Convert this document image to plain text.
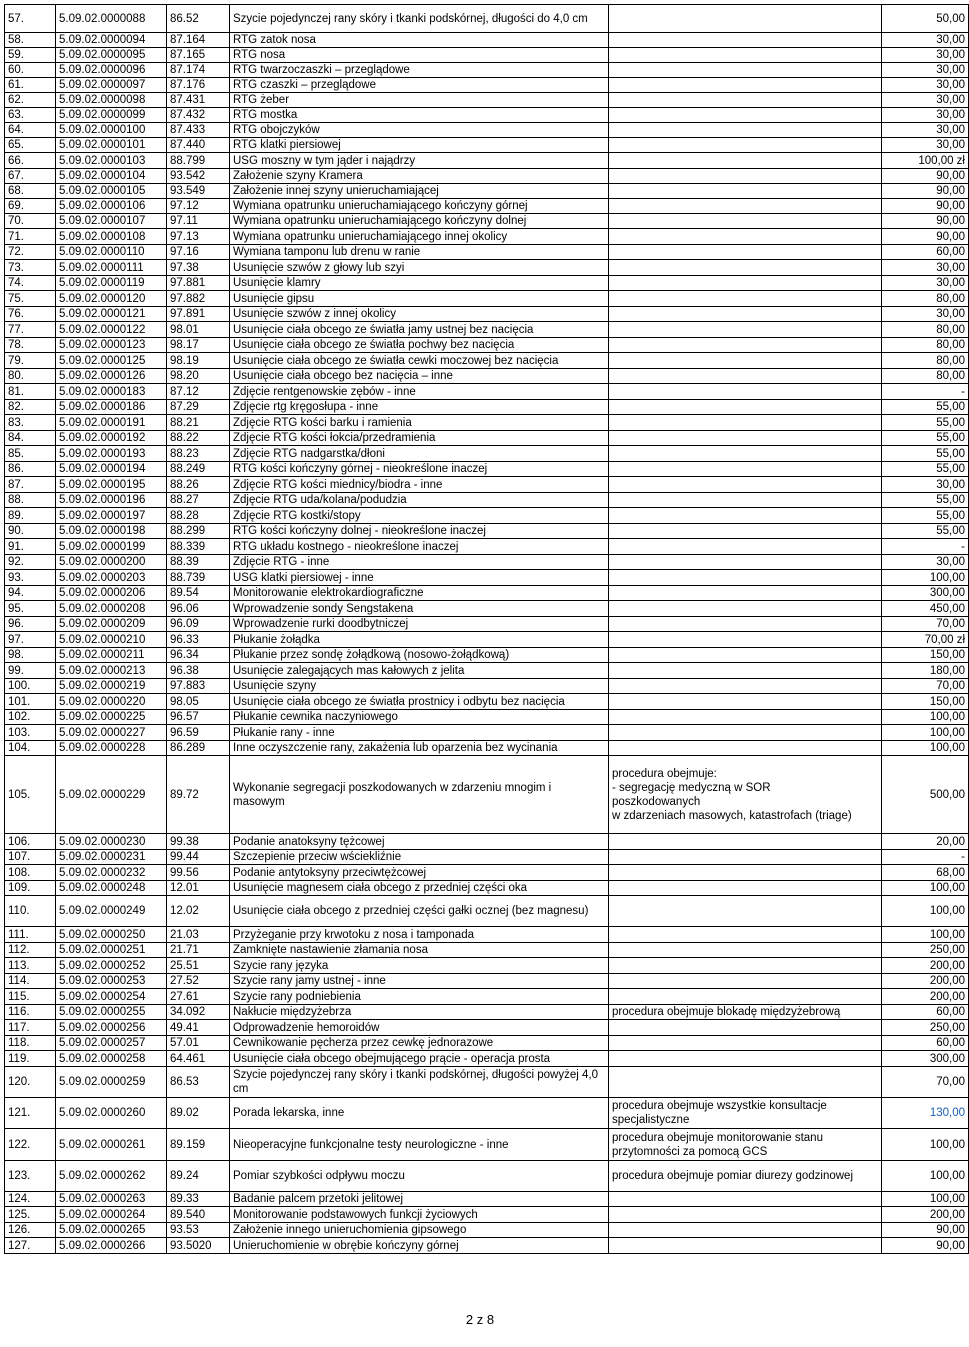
57.	5.09.02.0000088	86.52	Szycie pojedynczej rany skóry i tkanki podskórnej, długości do 4,0 cm		50,00
58.	5.09.02.0000094	87.164	RTG zatok nosa		30,00
59.	5.09.02.0000095	87.165	RTG nosa		30,00
60.	5.09.02.0000096	87.174	RTG twarzoczaszki – przeglądowe		30,00
61.	5.09.02.0000097	87.176	RTG czaszki – przeglądowe		30,00
62.	5.09.02.0000098	87.431	RTG żeber		30,00
63.	5.09.02.0000099	87.432	RTG mostka		30,00
64.	5.09.02.0000100	87.433	RTG obojczyków		30,00
65.	5.09.02.0000101	87.440	RTG klatki piersiowej		30,00
66.	5.09.02.0000103	88.799	USG moszny w tym jąder i najądrzy		100,00 zł
67.	5.09.02.0000104	93.542	Założenie szyny Kramera		90,00
68.	5.09.02.0000105	93.549	Założenie innej szyny unieruchamiającej		90,00
69.	5.09.02.0000106	97.12	Wymiana opatrunku unieruchamiającego kończyny górnej		90,00
70.	5.09.02.0000107	97.11	Wymiana opatrunku unieruchamiającego kończyny dolnej		90,00
71.	5.09.02.0000108	97.13	Wymiana opatrunku unieruchamiającego innej okolicy		90,00
72.	5.09.02.0000110	97.16	Wymiana tamponu lub drenu w ranie		60,00
73.	5.09.02.0000111	97.38	Usunięcie szwów z głowy lub szyi		30,00
74.	5.09.02.0000119	97.881	Usunięcie klamry		30,00
75.	5.09.02.0000120	97.882	Usunięcie gipsu		80,00
76.	5.09.02.0000121	97.891	Usunięcie szwów z innej okolicy		30,00
77.	5.09.02.0000122	98.01	Usunięcie ciała obcego ze światła jamy ustnej bez nacięcia		80,00
78.	5.09.02.0000123	98.17	Usunięcie ciała obcego ze światła pochwy bez nacięcia		80,00
79.	5.09.02.0000125	98.19	Usunięcie ciała obcego ze światła cewki moczowej bez nacięcia		80,00
80.	5.09.02.0000126	98.20	Usunięcie ciała obcego bez nacięcia – inne		80,00
81.	5.09.02.0000183	87.12	Zdjęcie rentgenowskie zębów - inne		-
82.	5.09.02.0000186	87.29	Zdjęcie rtg kręgosłupa - inne		55,00
83.	5.09.02.0000191	88.21	Zdjęcie RTG kości barku i ramienia		55,00
84.	5.09.02.0000192	88.22	Zdjęcie RTG kości łokcia/przedramienia		55,00
85.	5.09.02.0000193	88.23	Zdjęcie RTG nadgarstka/dłoni		55,00
86.	5.09.02.0000194	88.249	RTG kości kończyny górnej - nieokreślone inaczej		55,00
87.	5.09.02.0000195	88.26	Zdjęcie RTG kości miednicy/biodra - inne		30,00
88.	5.09.02.0000196	88.27	Zdjęcie RTG uda/kolana/podudzia		55,00
89.	5.09.02.0000197	88.28	Zdjęcie RTG kostki/stopy		55,00
90.	5.09.02.0000198	88.299	RTG kości kończyny dolnej - nieokreślone inaczej		55,00
91.	5.09.02.0000199	88.339	RTG układu kostnego - nieokreślone inaczej		-
92.	5.09.02.0000200	88.39	Zdjęcie RTG - inne		30,00
93.	5.09.02.0000203	88.739	USG klatki piersiowej - inne		100,00
94.	5.09.02.0000206	89.54	Monitorowanie elektrokardiograficzne		300,00
95.	5.09.02.0000208	96.06	Wprowadzenie sondy Sengstakena		450,00
96.	5.09.02.0000209	96.09	Wprowadzenie rurki doodbytniczej		70,00
97.	5.09.02.0000210	96.33	Płukanie żołądka		70,00 zł
98.	5.09.02.0000211	96.34	Płukanie przez sondę żołądkową (nosowo-żołądkową)		150,00
99.	5.09.02.0000213	96.38	Usunięcie zalegających mas kałowych z jelita		180,00
100.	5.09.02.0000219	97.883	Usunięcie szyny		70,00
101.	5.09.02.0000220	98.05	Usunięcie ciała obcego ze światła prostnicy i odbytu bez nacięcia		150,00
102.	5.09.02.0000225	96.57	Płukanie cewnika naczyniowego		100,00
103.	5.09.02.0000227	96.59	Płukanie rany - inne		100,00
104.	5.09.02.0000228	86.289	Inne oczyszczenie rany, zakażenia lub oparzenia bez wycinania		100,00
105.	5.09.02.0000229	89.72	Wykonanie segregacji poszkodowanych w zdarzeniu mnogim i masowym	procedura obejmuje:
- segregację medyczną w SOR
poszkodowanych
w zdarzeniach masowych, katastrofach (triage)	500,00
106.	5.09.02.0000230	99.38	Podanie anatoksyny tężcowej		20,00
107.	5.09.02.0000231	99.44	Szczepienie przeciw wściekliźnie		-
108.	5.09.02.0000232	99.56	Podanie antytoksyny przeciwtężcowej		68,00
109.	5.09.02.0000248	12.01	Usunięcie magnesem ciała obcego z przedniej części oka		100,00
110.	5.09.02.0000249	12.02	Usunięcie ciała obcego z przedniej części gałki ocznej (bez magnesu)		100,00
111.	5.09.02.0000250	21.03	Przyżeganie przy krwotoku z nosa i tamponada		100,00
112.	5.09.02.0000251	21.71	Zamknięte nastawienie złamania nosa		250,00
113.	5.09.02.0000252	25.51	Szycie rany języka		200,00
114.	5.09.02.0000253	27.52	Szycie rany jamy ustnej - inne		200,00
115.	5.09.02.0000254	27.61	Szycie rany podniebienia		200,00
116.	5.09.02.0000255	34.092	Nakłucie międzyżebrza	procedura obejmuje blokadę międzyżebrową	60,00
117.	5.09.02.0000256	49.41	Odprowadzenie hemoroidów		250,00
118.	5.09.02.0000257	57.01	Cewnikowanie pęcherza przez cewkę jednorazowe		60,00
119.	5.09.02.0000258	64.461	Usunięcie ciała obcego obejmującego prącie - operacja prosta		300,00
120.	5.09.02.0000259	86.53	Szycie pojedynczej rany skóry i tkanki podskórnej, długości powyżej 4,0 cm		70,00
121.	5.09.02.0000260	89.02	Porada lekarska, inne	procedura obejmuje wszystkie konsultacje specjalistyczne	130,00
122.	5.09.02.0000261	89.159	Nieoperacyjne funkcjonalne testy neurologiczne - inne	procedura obejmuje monitorowanie stanu przytomności za pomocą GCS	100,00
123.	5.09.02.0000262	89.24	Pomiar szybkości odpływu moczu	procedura obejmuje pomiar diurezy godzinowej	100,00
124.	5.09.02.0000263	89.33	Badanie palcem przetoki jelitowej		100,00
125.	5.09.02.0000264	89.540	Monitorowanie podstawowych funkcji życiowych		200,00
126.	5.09.02.0000265	93.53	Założenie innego unieruchomienia gipsowego		90,00
127.	5.09.02.0000266	93.5020	Unieruchomienie w obrębie kończyny górnej		90,00
2 z 8
